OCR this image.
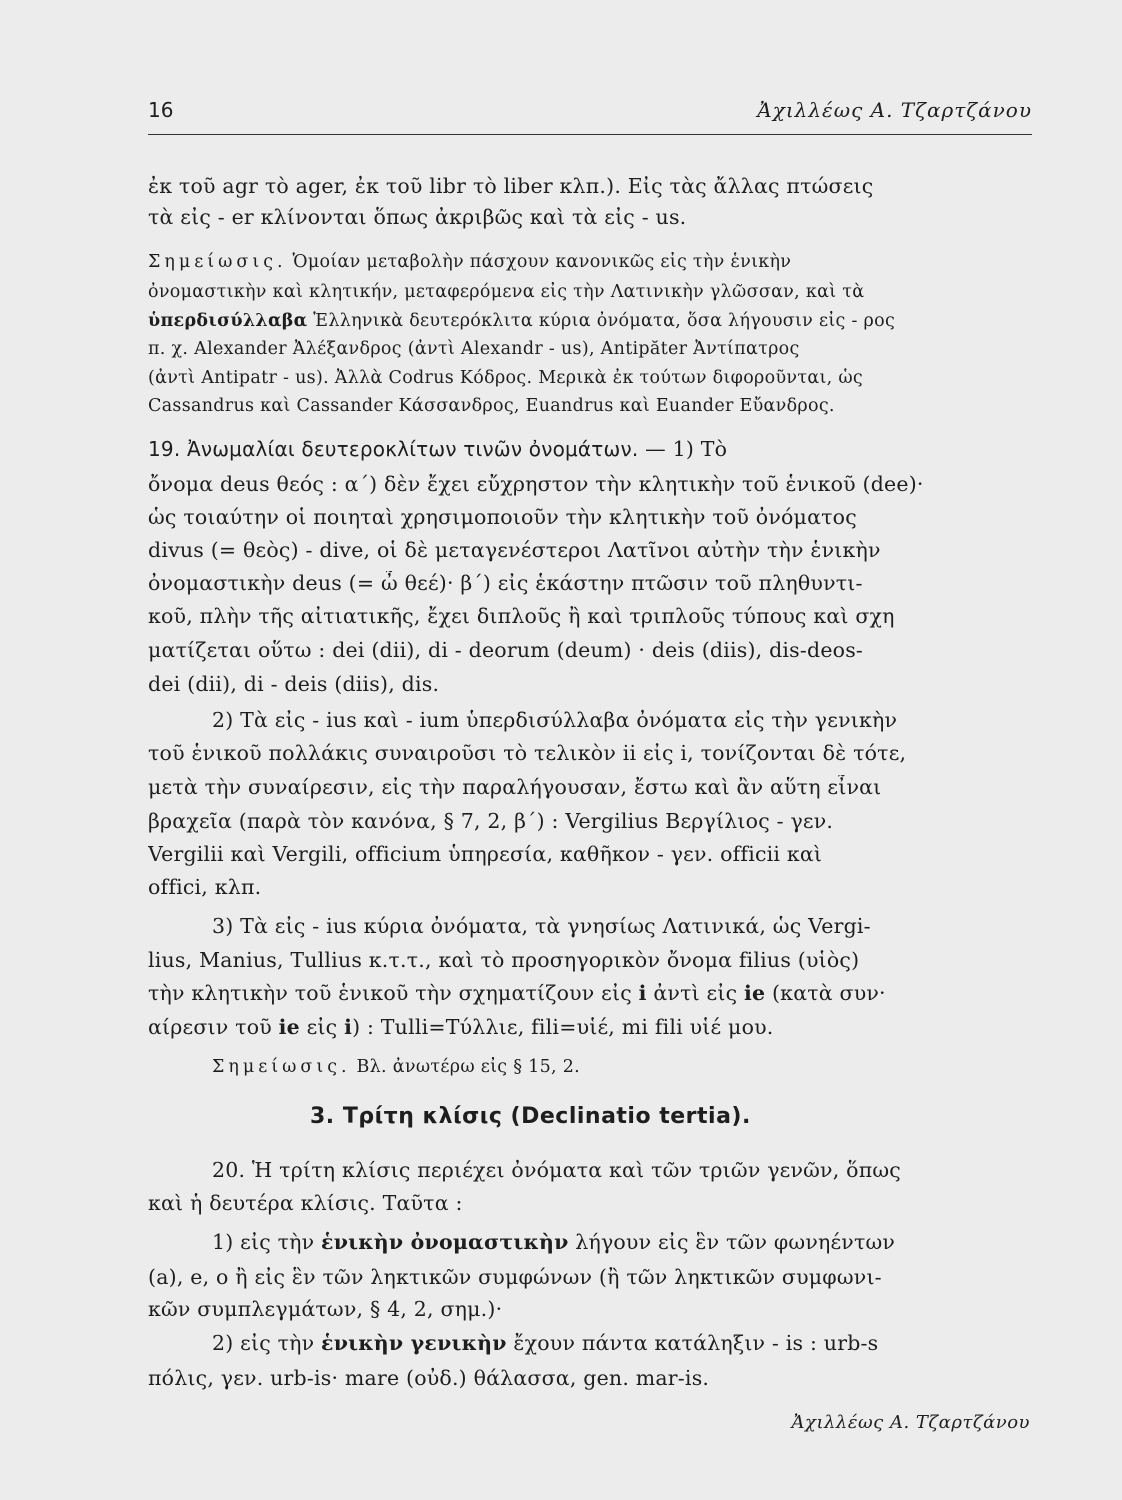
16	Ἀχιλλέως Α. Τζαρτζάνου
ἐκ τοῦ agr τὸ ager, ἐκ τοῦ libr τὸ liber κλπ.). Εἰς τὰς ἄλλας πτώσεις
τὰ εἰς - er κλίνονται ὅπως ἀκριβῶς καὶ τὰ εἰς - us.
Σημείωσις. Ὁμοίαν μεταβολὴν πάσχουν κανονικῶς εἰς τὴν ἑνικὴν
ὀνομαστικὴν καὶ κλητικήν, μεταφερόμενα εἰς τὴν Λατινικὴν γλῶσσαν, καὶ τὰ
ὑπερδισύλλαβα Ἑλληνικὰ δευτερόκλιτα κύρια ὀνόματα, ὅσα λήγουσιν εἰς - ρος
π. χ. Alexander Ἀλέξανδρος (ἀντὶ Alexandr - us), Antipăter Ἀντίπατρος
(ἀντὶ Antipatr - us). Ἀλλὰ Codrus Κόδρος. Μερικὰ ἐκ τούτων διφοροῦνται, ὡς
Cassandrus καὶ Cassander Κάσσανδρος, Euandrus καὶ Euander Εὔανδρος.
19. Ἀνωμαλίαι δευτεροκλίτων τινῶν ὀνομάτων. — 1) Τὸ
ὄνομα deus θεός : α΄) δὲν ἔχει εὔχρηστον τὴν κλητικὴν τοῦ ἑνικοῦ (dee)·
ὡς τοιαύτην οἱ ποιηταὶ χρησιμοποιοῦν τὴν κλητικὴν τοῦ ὀνόματος
divus (= θεὸς) - dive, οἱ δὲ μεταγενέστεροι Λατῖνοι αὐτὴν τὴν ἑνικὴν
ὀνομαστικὴν deus (= ὦ θεέ)· β΄) εἰς ἑκάστην πτῶσιν τοῦ πληθυντι-
κοῦ, πλὴν τῆς αἰτιατικῆς, ἔχει διπλοῦς ἢ καὶ τριπλοῦς τύπους καὶ σχη
ματίζεται οὕτω : dei (dii), di - deorum (deum) · deis (diis), dis-deos-
dei (dii), di - deis (diis), dis.
2) Τὰ εἰς - ius καὶ - ium ὑπερδισύλλαβα ὀνόματα εἰς τὴν γενικὴν
τοῦ ἑνικοῦ πολλάκις συναιροῦσι τὸ τελικὸν ii εἰς i, τονίζονται δὲ τότε,
μετὰ τὴν συναίρεσιν, εἰς τὴν παραλήγουσαν, ἔστω καὶ ἂν αὕτη εἶναι
βραχεῖα (παρὰ τὸν κανόνα, § 7, 2, β΄) : Vergilius Βεργίλιος - γεν.
Vergilii καὶ Vergili, officium ὑπηρεσία, καθῆκον - γεν. officii καὶ
offici, κλπ.
3) Τὰ εἰς - ius κύρια ὀνόματα, τὰ γνησίως Λατινικά, ὡς Vergi-
lius, Manius, Tullius κ.τ.τ., καὶ τὸ προσηγορικὸν ὄνομα filius (υἱὸς)
τὴν κλητικὴν τοῦ ἑνικοῦ τὴν σχηματίζουν εἰς i ἀντὶ εἰς ie (κατὰ συν·
αίρεσιν τοῦ ie εἰς i) : Tulli=Τύλλιε, fili=υἱέ, mi fili υἱέ μου.
Σημείωσις. Βλ. ἀνωτέρω εἰς § 15, 2.
3. Τρίτη κλίσις (Declinatio tertia).
20. Ἡ τρίτη κλίσις περιέχει ὀνόματα καὶ τῶν τριῶν γενῶν, ὅπως
καὶ ἡ δευτέρα κλίσις. Ταῦτα :
1) εἰς τὴν ἑνικὴν ὀνομαστικὴν λήγουν εἰς ἓν τῶν φωνηέντων
(a), e, o ἢ εἰς ἓν τῶν ληκτικῶν συμφώνων (ἢ τῶν ληκτικῶν συμφωνι-
κῶν συμπλεγμάτων, § 4, 2, σημ.)·
2) εἰς τὴν ἑνικὴν γενικὴν ἔχουν πάντα κατάληξιν - is : urb-s
πόλις, γεν. urb-is· mare (οὐδ.) θάλασσα, gen. mar-is.
Ἀχιλλέως Α. Τζαρτζάνου
